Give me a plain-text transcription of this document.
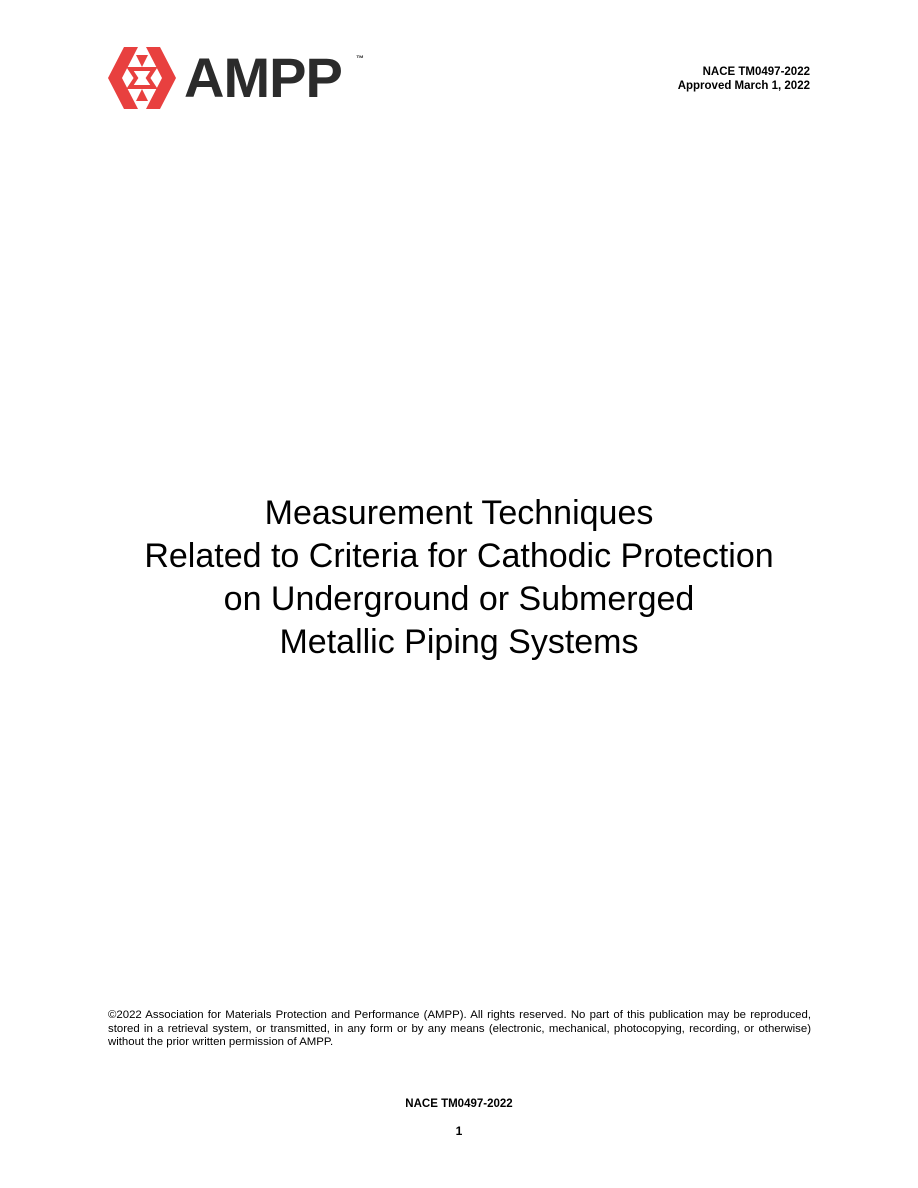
AMPP ™
NACE TM0497-2022
Approved March 1, 2022
Measurement Techniques
Related to Criteria for Cathodic Protection
on Underground or Submerged
Metallic Piping Systems
©2022 Association for Materials Protection and Performance (AMPP). All rights reserved. No part of this publication may be reproduced, stored in a retrieval system, or transmitted, in any form or by any means (electronic, mechanical, photocopying, recording, or otherwise) without the prior written permission of AMPP.
NACE TM0497-2022
1
